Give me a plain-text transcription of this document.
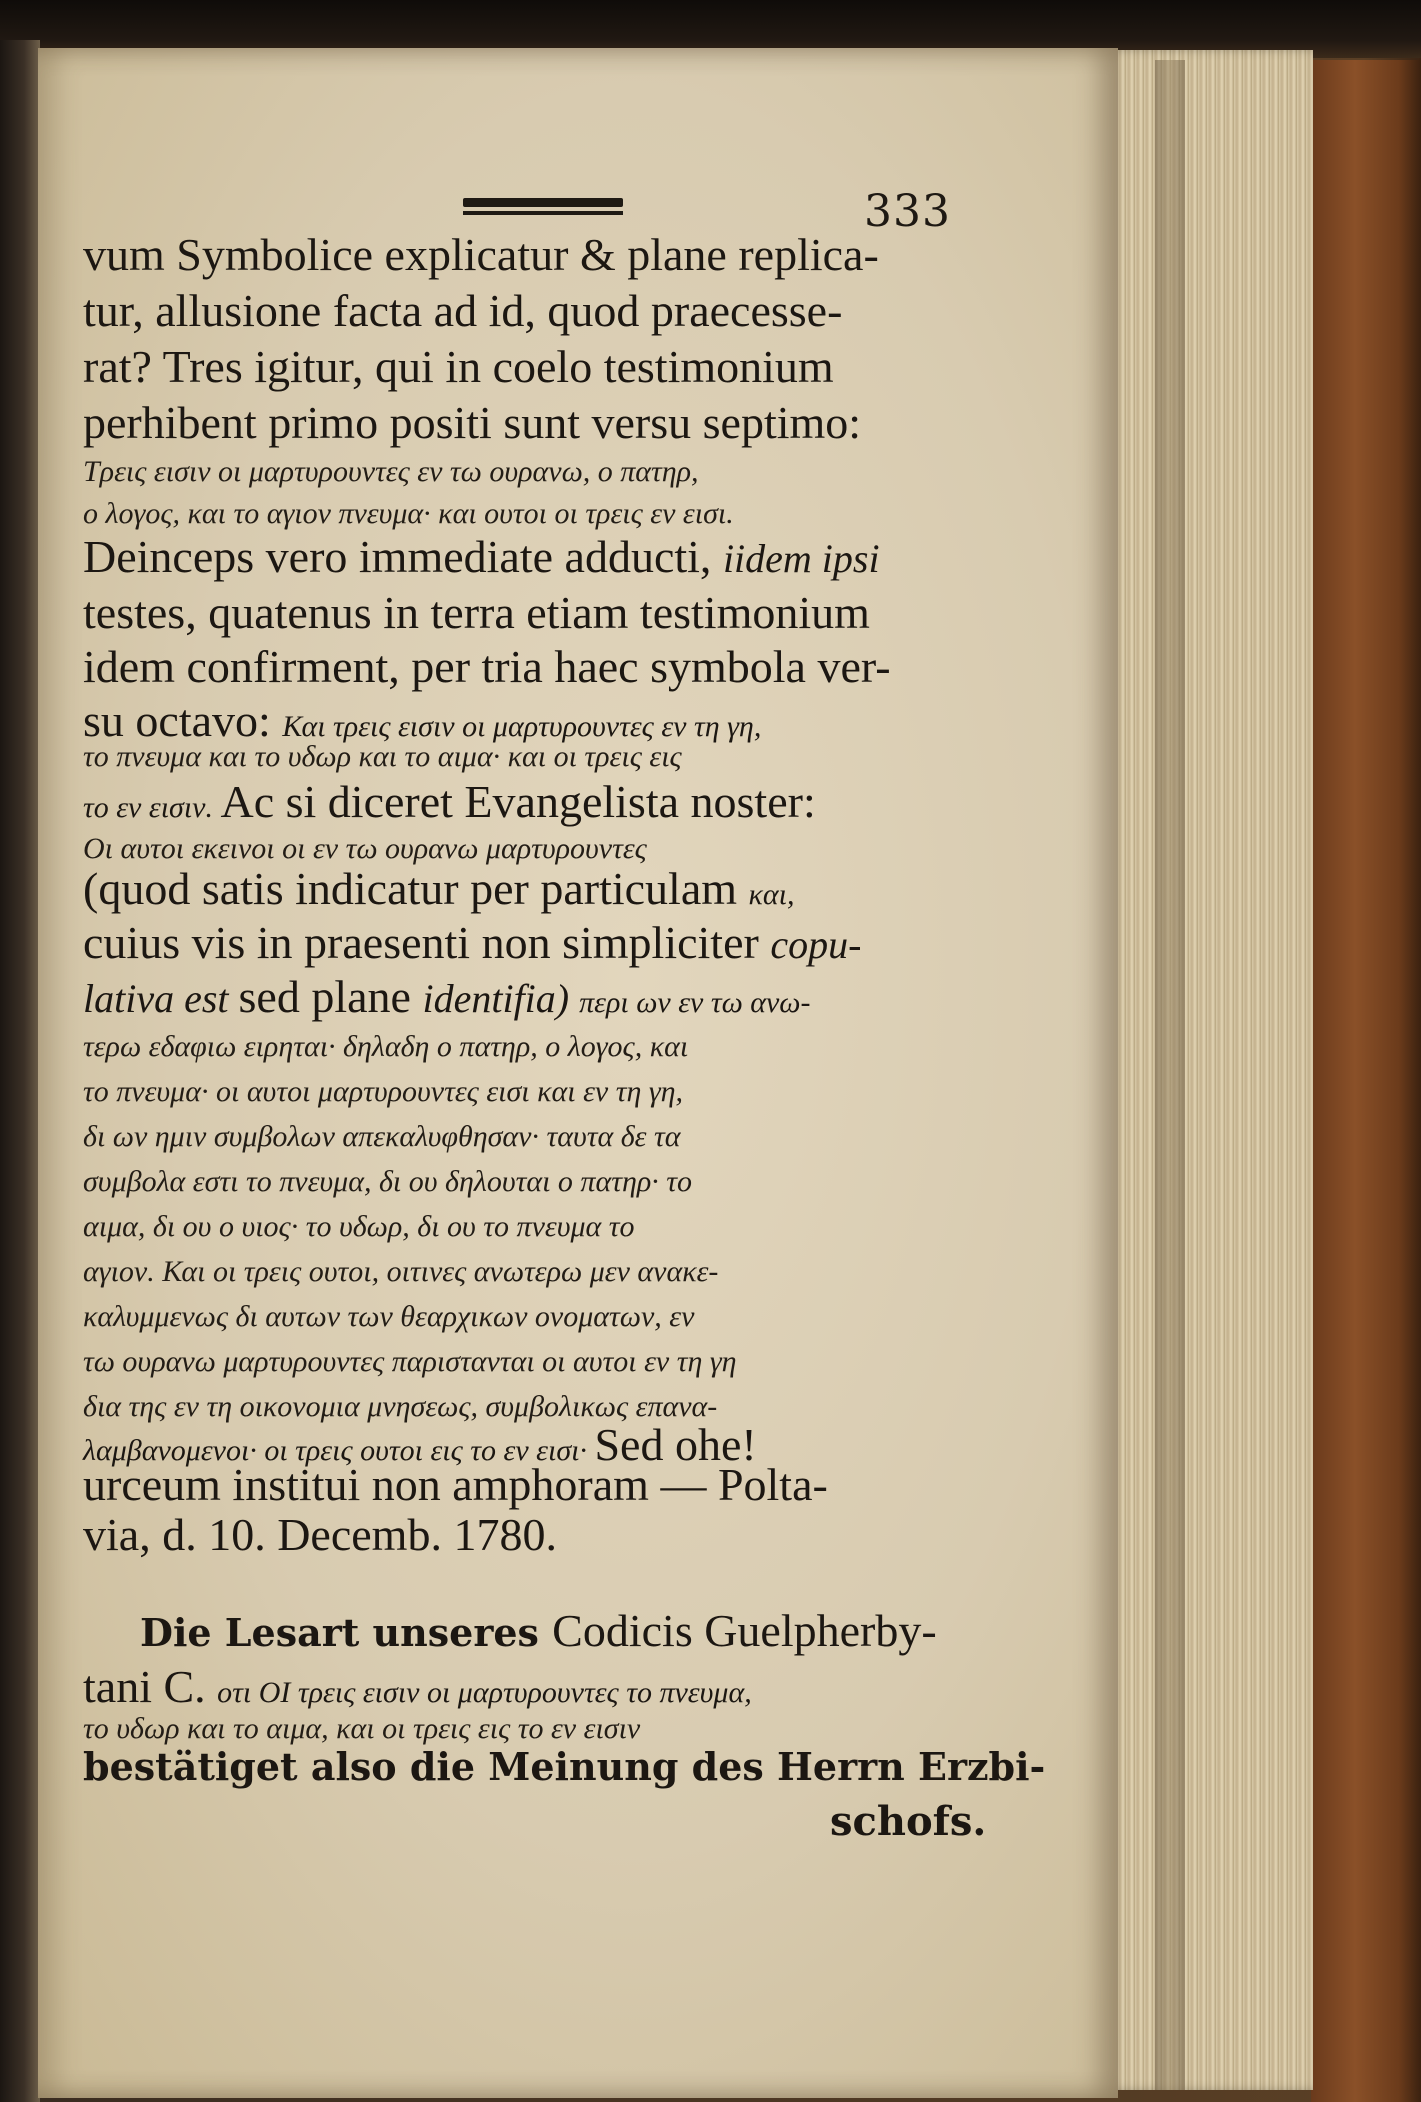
333
vum Symbolice explicatur & plane replica-
tur, allusione facta ad id, quod praecesse-
rat? Tres igitur, qui in coelo testimonium
perhibent primo positi sunt versu septimo:
Τρεις εισιν οι μαρτυρουντες εν τω ουρανω, ο πατηρ,
ο λογος, και το αγιον πνευμα· και ουτοι οι τρεις εν εισι.
Deinceps vero immediate adducti, iidem ipsi
testes, quatenus in terra etiam testimonium
idem confirment, per tria haec symbola ver-
su octavo: Και τρεις εισιν οι μαρτυρουντες εν τη γη,
το πνευμα και το υδωρ και το αιμα· και οι τρεις εις
το εν εισιν. Ac si diceret Evangelista noster:
Οι αυτοι εκεινοι οι εν τω ουρανω μαρτυρουντες
(quod satis indicatur per particulam και,
cuius vis in praesenti non simpliciter copu-
lativa est sed plane identifia) περι ων εν τω ανω-
τερω εδαφιω ειρηται· δηλαδη ο πατηρ, ο λογος, και
το πνευμα· οι αυτοι μαρτυρουντες εισι και εν τη γη,
δι ων ημιν συμβολων απεκαλυφθησαν· ταυτα δε τα
συμβολα εστι το πνευμα, δι ου δηλουται ο πατηρ· το
αιμα, δι ου ο υιος· το υδωρ, δι ου το πνευμα το
αγιον. Και οι τρεις ουτοι, οιτινες ανωτερω μεν ανακε-
καλυμμενως δι αυτων των θεαρχικων ονοματων, εν
τω ουρανω μαρτυρουντες παριστανται οι αυτοι εν τη γη
δια της εν τη οικονομια μνησεως, συμβολικως επανα-
λαμβανομενοι· οι τρεις ουτοι εις το εν εισι· Sed ohe!
urceum institui non amphoram — Polta-
via, d. 10. Decemb. 1780.
Die Lesart unseres Codicis Guelpherby-
tani C. οτι ΟΙ τρεις εισιν οι μαρτυρουντες το πνευμα,
το υδωρ και το αιμα, και οι τρεις εις το εν εισιν
bestätiget also die Meinung des Herrn Erzbi-
schofs.
